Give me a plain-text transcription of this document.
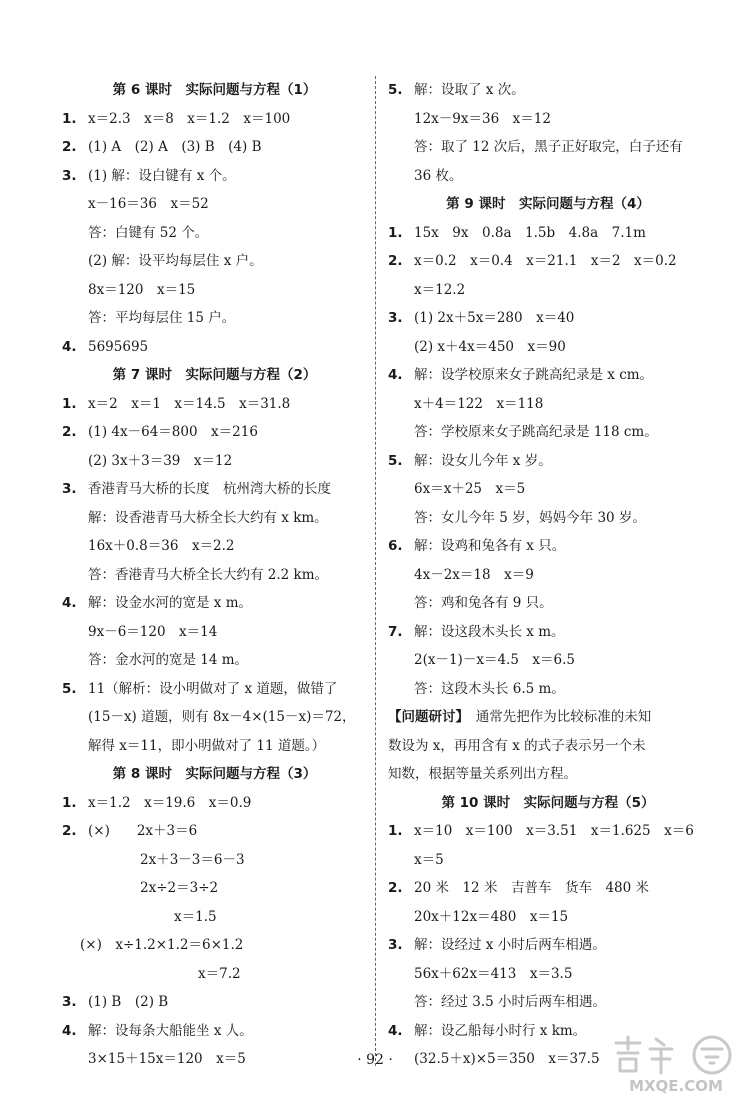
第 6 课时　实际问题与方程（1）
1. x＝2.3　x＝8　x＝1.2　x＝100
2. (1) A　(2) A　(3) B　(4) B
3. (1) 解：设白键有 x 个。
x－16＝36　x＝52
答：白键有 52 个。
(2) 解：设平均每层住 x 户。
8x＝120　x＝15
答：平均每层住 15 户。
4. 5695695
第 7 课时　实际问题与方程（2）
1. x＝2　x＝1　x＝14.5　x＝31.8
2. (1) 4x－64＝800　x＝216
(2) 3x＋3＝39　x＝12
3. 香港青马大桥的长度　杭州湾大桥的长度
解：设香港青马大桥全长大约有 x km。
16x＋0.8＝36　x＝2.2
答：香港青马大桥全长大约有 2.2 km。
4. 解：设金水河的宽是 x m。
9x－6＝120　x＝14
答：金水河的宽是 14 m。
5. 11（解析：设小明做对了 x 道题，做错了
(15－x) 道题，则有 8x－4×(15－x)＝72，
解得 x＝11，即小明做对了 11 道题。）
第 8 课时　实际问题与方程（3）
1. x＝1.2　x＝19.6　x＝0.9
2. (×)　　2x＋3＝6
2x＋3－3＝6－3
2x÷2＝3÷2
x＝1.5
(×)　x÷1.2×1.2＝6×1.2
x＝7.2
3. (1) B　(2) B
4. 解：设每条大船能坐 x 人。
3×15＋15x＝120　x＝5
5. 解：设取了 x 次。
12x－9x＝36　x＝12
答：取了 12 次后，黑子正好取完，白子还有
36 枚。
第 9 课时　实际问题与方程（4）
1. 15x　9x　0.8a　1.5b　4.8a　7.1m
2. x＝0.2　x＝0.4　x＝21.1　x＝2　x＝0.2
x＝12.2
3. (1) 2x＋5x＝280　x＝40
(2) x＋4x＝450　x＝90
4. 解：设学校原来女子跳高纪录是 x cm。
x＋4＝122　x＝118
答：学校原来女子跳高纪录是 118 cm。
5. 解：设女儿今年 x 岁。
6x＝x＋25　x＝5
答：女儿今年 5 岁，妈妈今年 30 岁。
6. 解：设鸡和兔各有 x 只。
4x－2x＝18　x＝9
答：鸡和兔各有 9 只。
7. 解：设这段木头长 x m。
2(x－1)－x＝4.5　x＝6.5
答：这段木头长 6.5 m。
【问题研讨】　通常先把作为比较标准的未知
数设为 x，再用含有 x 的式子表示另一个未
知数，根据等量关系列出方程。
第 10 课时　实际问题与方程（5）
1. x＝10　x＝100　x＝3.51　x＝1.625　x＝6
x＝5
2. 20 米　12 米　吉普车　货车　480 米
20x＋12x＝480　x＝15
3. 解：设经过 x 小时后两车相遇。
56x＋62x＝413　x＝3.5
答：经过 3.5 小时后两车相遇。
4. 解：设乙船每小时行 x km。
(32.5＋x)×5＝350　x＝37.5
· 92 ·
MXQE.COM
